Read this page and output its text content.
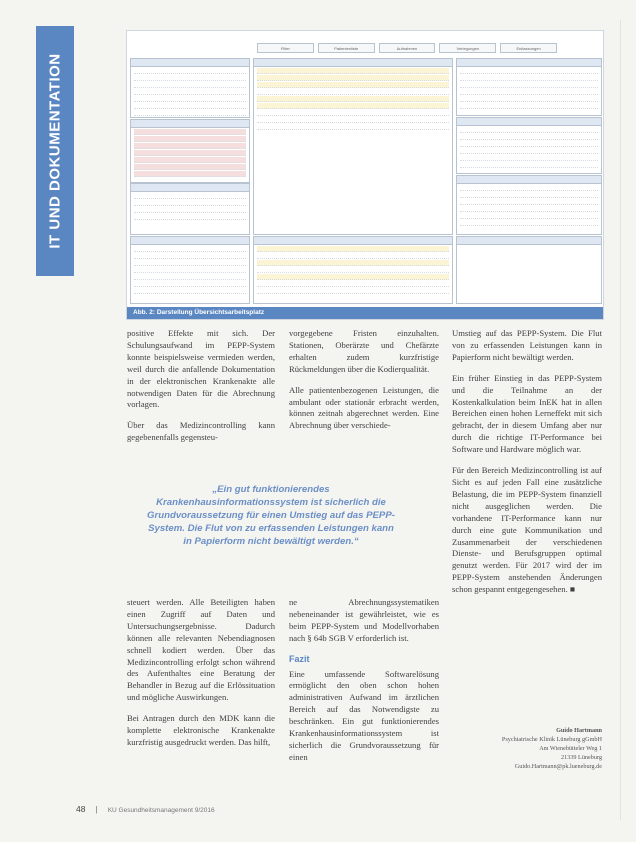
IT UND DOKUMENTATION
Filter	Patientenliste	Aufnahmen	Verlegungen	Entlassungen
Abb. 2: Darstellung Übersichtsarbeitsplatz

positive Effekte mit sich. Der Schulungsaufwand im PEPP-System konnte beispielsweise vermieden werden, weil durch die anfallende Dokumentation in der elektronischen Krankenakte alle notwendigen Daten für die Abrechnung vorlagen.

Über das Medizincontrolling kann gegebenenfalls gegensteu-

steuert werden. Alle Beteiligten haben einen Zugriff auf Daten und Untersuchungsergebnisse. Dadurch können alle relevanten Nebendiagnosen schnell kodiert werden. Über das Medizincontrolling erfolgt schon während des Aufenthaltes eine Beratung der Behandler in Bezug auf die Erlössituation und mögliche Auswirkungen.

Bei Antragen durch den MDK kann die komplette elektronische Krankenakte kurzfristig ausgedruckt werden. Das hilft,

vorgegebene Fristen einzuhalten. Stationen, Oberärzte und Chefärzte erhalten zudem kurzfristige Rückmeldungen über die Kodierqualität.

Alle patientenbezogenen Leistungen, die ambulant oder stationär erbracht werden, können zeitnah abgerechnet werden. Eine Abrechnung über verschiede-

ne Abrechnungssystematiken nebeneinander ist gewährleistet, wie es beim PEPP-System und Modellvorhaben nach § 64b SGB V erforderlich ist.

Fazit

Eine umfassende Softwarelösung ermöglicht den oben schon hohen administrativen Aufwand im ärztlichen Bereich auf das Notwendigste zu beschränken. Ein gut funktionierendes Krankenhausinformationssystem ist sicherlich die Grundvoraussetzung für einen

„Ein gut funktionierendes Krankenhausinformationssystem ist sicherlich die Grundvoraussetzung für einen Umstieg auf das PEPP-System. Die Flut von zu erfassenden Leistungen kann in Papierform nicht bewältigt werden.“

Umstieg auf das PEPP-System. Die Flut von zu erfassenden Leistungen kann in Papierform nicht bewältigt werden.

Ein früher Einstieg in das PEPP-System und die Teilnahme an der Kostenkalkulation beim InEK hat in allen Bereichen einen hohen Lerneffekt mit sich gebracht, der in diesem Umfang aber nur durch die richtige IT-Performance bei Software und Hardware möglich war.

Für den Bereich Medizincontrolling ist auf Sicht es auf jeden Fall eine zusätzliche Belastung, die im PEPP-System finanziell nicht ausgeglichen werden. Die vorhandene IT-Performance kann nur durch eine gute Kommunikation und Zusammenarbeit der verschiedenen Dienste- und Berufsgruppen optimal genutzt werden. Für 2017 wird der im PEPP-System anstehenden Änderungen schon gespannt entgegengesehen. ■

Guido Hartmann
Psychiatrische Klinik Lüneburg gGmbH
Am Wienebütteler Weg 1
21339 Lüneburg
Guido.Hartmann@pk.lueneburg.de
48 | KU Gesundheitsmanagement 9/2016
